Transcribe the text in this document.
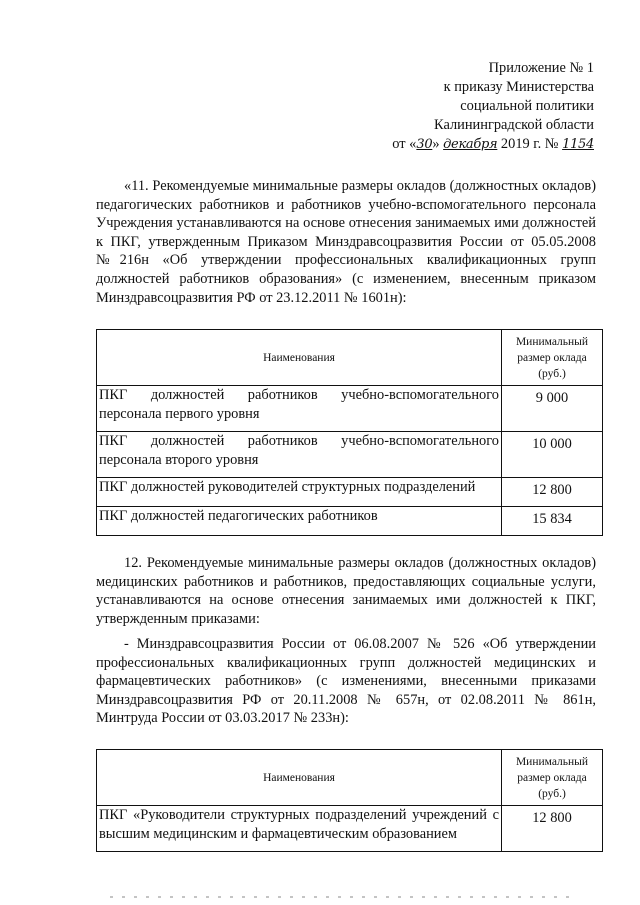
Приложение № 1
к приказу Министерства
социальной политики
Калининградской области
от «30» декабря 2019 г. № 1154

«11. Рекомендуемые минимальные размеры окладов (должностных окладов) педагогических работников и работников учебно-вспомогательного персонала Учреждения устанавливаются на основе отнесения занимаемых ими должностей к ПКГ, утвержденным Приказом Минздравсоцразвития России от 05.05.2008 №216н «Об утверждении профессиональных квалификационных групп должностей работников образования» (с изменением, внесенным приказом Минздравсоцразвития РФ от 23.12.2011 № 1601н):

Наименования	Минимальный размер оклада (руб.)
ПКГ должностей работников учебно-вспомогательного персонала первого уровня	9 000
ПКГ должностей работников учебно-вспомогательного персонала второго уровня	10 000
ПКГ должностей руководителей структурных подразделений	12 800
ПКГ должностей педагогических работников	15 834

12. Рекомендуемые минимальные размеры окладов (должностных окладов) медицинских работников и работников, предоставляющих социальные услуги, устанавливаются на основе отнесения занимаемых ими должностей к ПКГ, утвержденным приказами:

- Минздравсоцразвития России от 06.08.2007 № 526 «Об утверждении профессиональных квалификационных групп должностей медицинских и фармацевтических работников» (с изменениями, внесенными приказами Минздравсоцразвития РФ от 20.11.2008 № 657н, от 02.08.2011 № 861н, Минтруда России от 03.03.2017 № 233н):

Наименования	Минимальный размер оклада (руб.)
ПКГ «Руководители структурных подразделений учреждений с высшим медицинским и фармацевтическим образованием	12 800
